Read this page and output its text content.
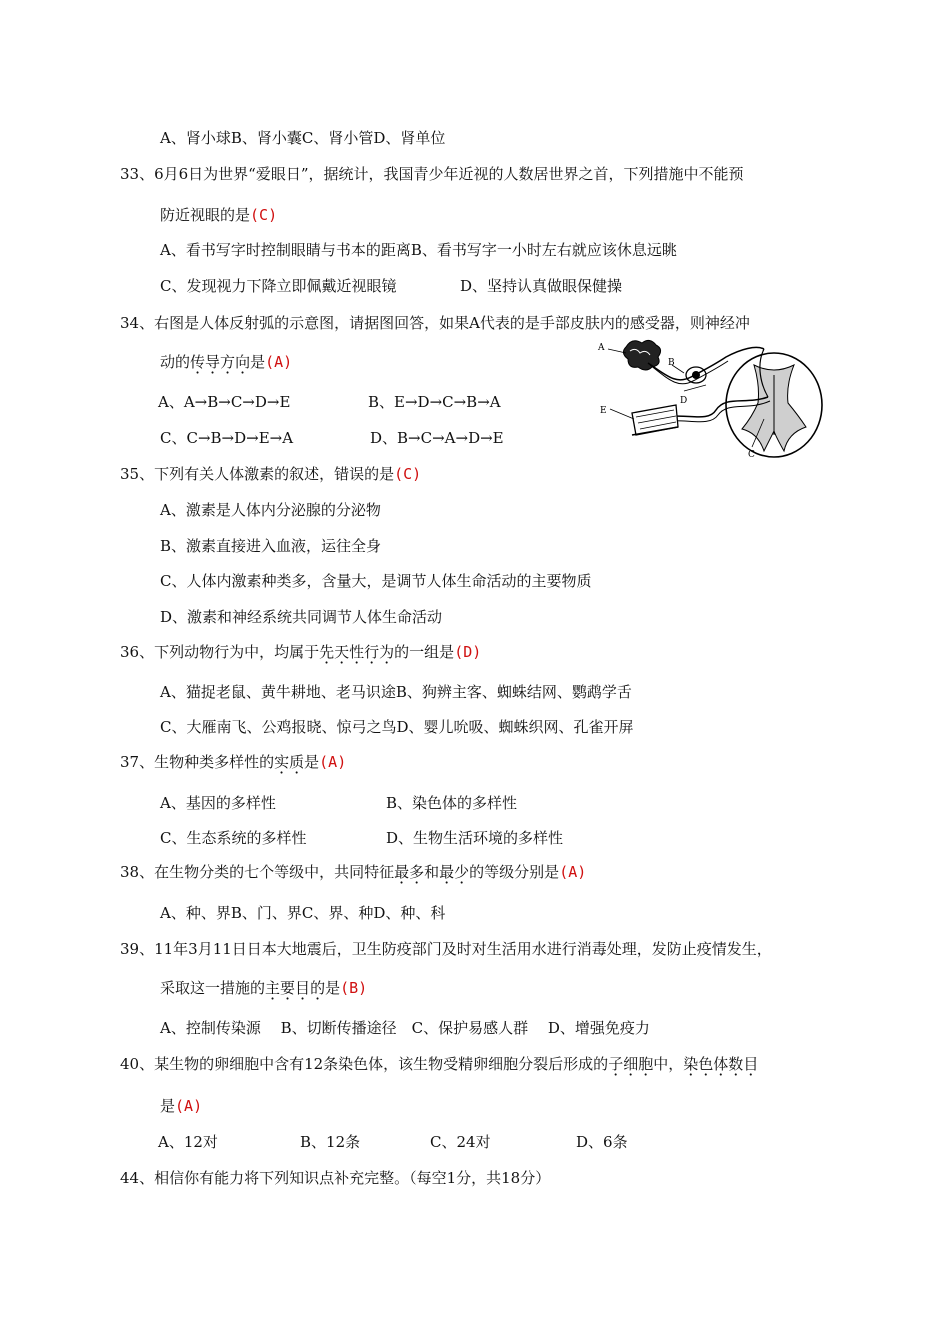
A、肾小球B、肾小囊C、肾小管D、肾单位
33、6月6日为世界“爱眼日”，据统计，我国青少年近视的人数居世界之首，下列措施中不能预
防近视眼的是(C)
A、看书写字时控制眼睛与书本的距离B、看书写字一小时左右就应该休息远眺
C、发现视力下降立即佩戴近视眼镜	D、坚持认真做眼保健操
34、右图是人体反射弧的示意图，请据图回答，如果A代表的是手部皮肤内的感受器，则神经冲
动的传导方向是(A)
A、A→B→C→D→E	B、E→D→C→B→A
C、C→B→D→E→A	D、B→C→A→D→E
A
B
D
E
C
35、下列有关人体激素的叙述，错误的是(C)
A、激素是人体内分泌腺的分泌物
B、激素直接进入血液，运往全身
C、人体内激素种类多，含量大，是调节人体生命活动的主要物质
D、激素和神经系统共同调节人体生命活动
36、下列动物行为中，均属于先天性行为的一组是(D)
A、猫捉老鼠、黄牛耕地、老马识途B、狗辨主客、蜘蛛结网、鹦鹉学舌
C、大雁南飞、公鸡报晓、惊弓之鸟D、婴儿吮吸、蜘蛛织网、孔雀开屏
37、生物种类多样性的实质是(A)
A、基因的多样性	B、染色体的多样性
C、生态系统的多样性	D、生物生活环境的多样性
38、在生物分类的七个等级中，共同特征最多和最少的等级分别是(A)
A、种、界B、门、界C、界、种D、种、科
39、11年3月11日日本大地震后，卫生防疫部门及时对生活用水进行消毒处理，发防止疫情发生，
采取这一措施的主要目的是(B)
A、控制传染源　 B、切断传播途径　C、保护易感人群　 D、增强免疫力
40、某生物的卵细胞中含有12条染色体，该生物受精卵细胞分裂后形成的子细胞中，染色体数目
是(A)
A、12对	B、12条	C、24对	D、6条
44、相信你有能力将下列知识点补充完整。（每空1分，共18分）
